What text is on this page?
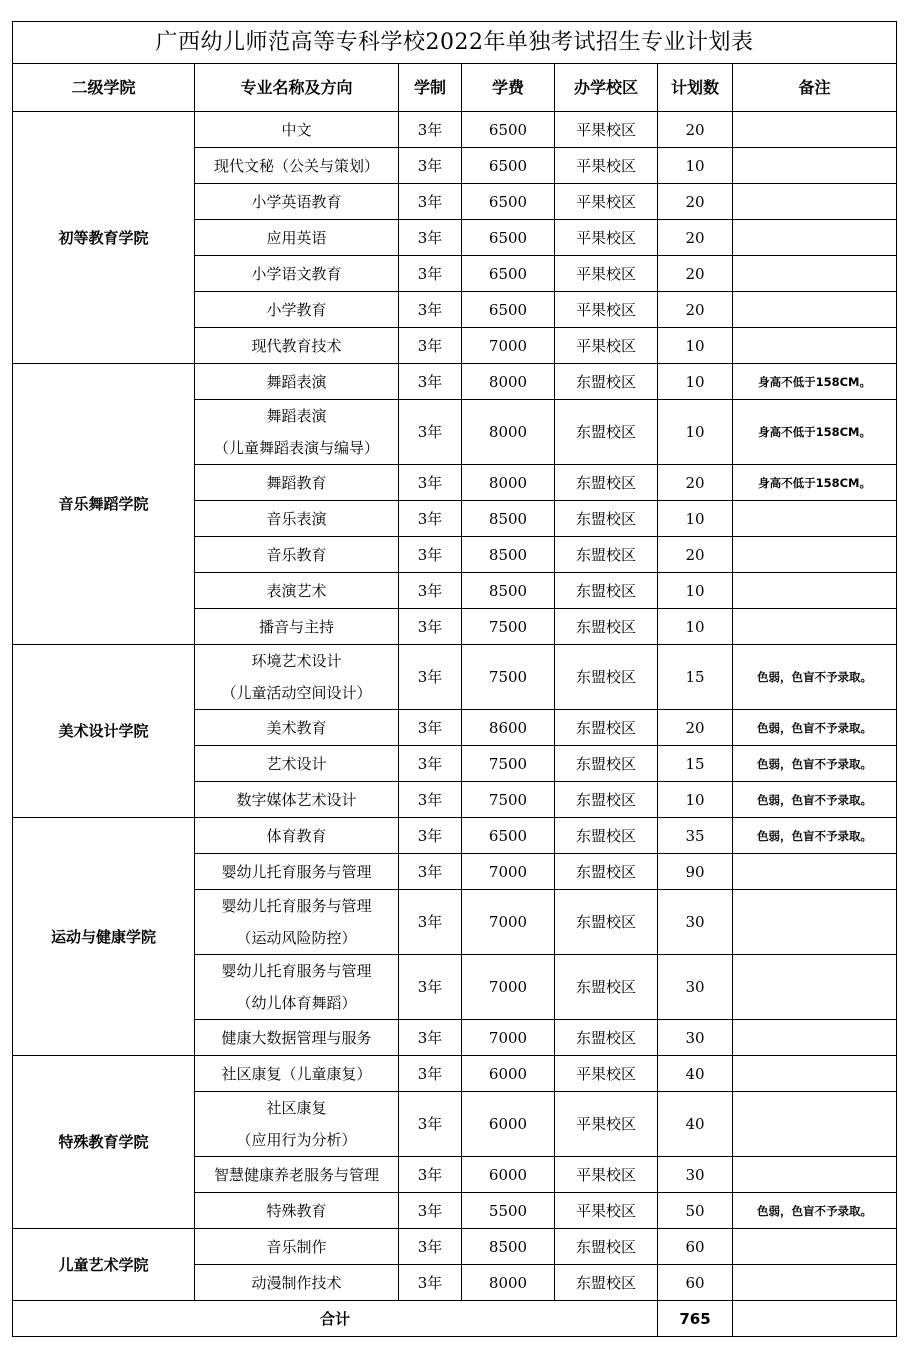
广西幼儿师范高等专科学校2022年单独考试招生专业计划表						
二级学院	专业名称及方向	学制	学费	办学校区	计划数	备注
初等教育学院	中文	3年	6500	平果校区	20	

	现代文秘（公关与策划）	3年	6500	平果校区	10	

	小学英语教育	3年	6500	平果校区	20	

	应用英语	3年	6500	平果校区	20	

	小学语文教育	3年	6500	平果校区	20	

	小学教育	3年	6500	平果校区	20	

	现代教育技术	3年	7000	平果校区	10	
音乐舞蹈学院	舞蹈表演	3年	8000	东盟校区	10	身高不低于158CM。

	舞蹈表演
（儿童舞蹈表演与编导）	3年	8000	东盟校区	10	身高不低于158CM。

	舞蹈教育	3年	8000	东盟校区	20	身高不低于158CM。

	音乐表演	3年	8500	东盟校区	10	

	音乐教育	3年	8500	东盟校区	20	

	表演艺术	3年	8500	东盟校区	10	

	播音与主持	3年	7500	东盟校区	10	
美术设计学院	环境艺术设计
（儿童活动空间设计）	3年	7500	东盟校区	15	色弱，色盲不予录取。

	美术教育	3年	8600	东盟校区	20	色弱，色盲不予录取。

	艺术设计	3年	7500	东盟校区	15	色弱，色盲不予录取。

	数字媒体艺术设计	3年	7500	东盟校区	10	色弱，色盲不予录取。
运动与健康学院	体育教育	3年	6500	东盟校区	35	色弱，色盲不予录取。

	婴幼儿托育服务与管理	3年	7000	东盟校区	90	

	婴幼儿托育服务与管理
（运动风险防控）	3年	7000	东盟校区	30	

	婴幼儿托育服务与管理
（幼儿体育舞蹈）	3年	7000	东盟校区	30	

	健康大数据管理与服务	3年	7000	东盟校区	30	
特殊教育学院	社区康复（儿童康复）	3年	6000	平果校区	40	

	社区康复
（应用行为分析）	3年	6000	平果校区	40	

	智慧健康养老服务与管理	3年	6000	平果校区	30	

	特殊教育	3年	5500	平果校区	50	色弱，色盲不予录取。
儿童艺术学院	音乐制作	3年	8500	东盟校区	60	

	动漫制作技术	3年	8000	东盟校区	60	
合计					765	
